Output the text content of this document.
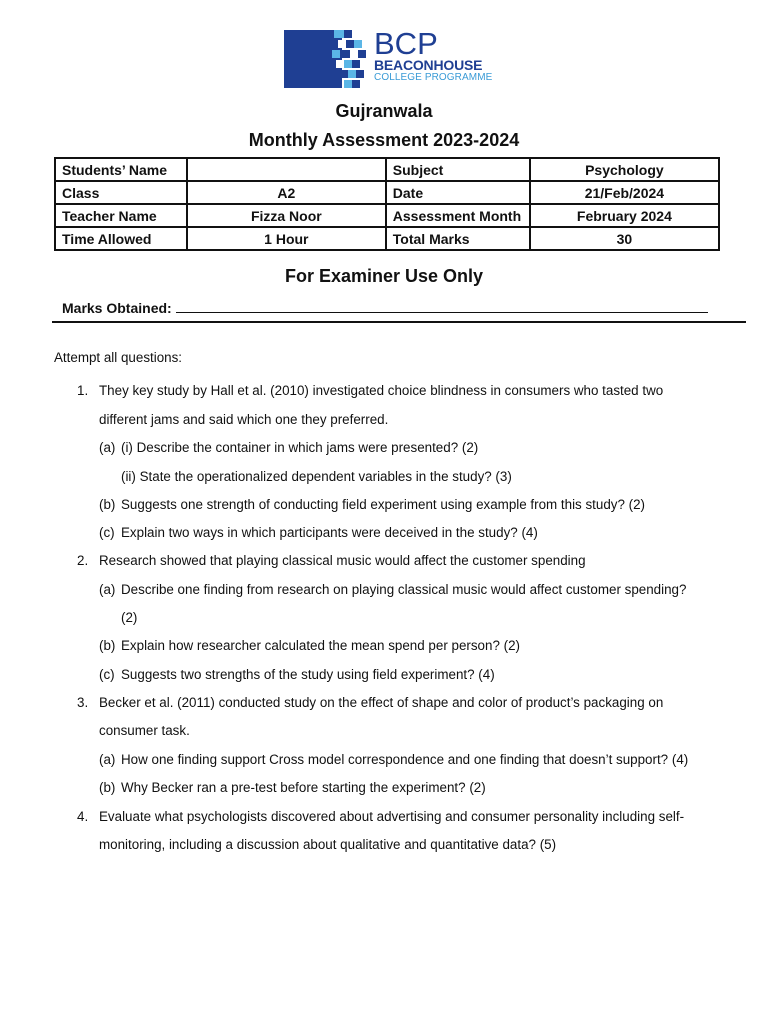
BCP
BEACONHOUSE
COLLEGE PROGRAMME
Gujranwala
Monthly Assessment 2023-2024
Students’ Name		Subject	Psychology
Class	A2	Date	21/Feb/2024
Teacher Name	Fizza Noor	Assessment Month	February 2024
Time Allowed	1 Hour	Total Marks	30
For Examiner Use Only
Marks Obtained:
Attempt all questions:
1. They key study by Hall et al. (2010) investigated choice blindness in consumers who tasted two
different jams and said which one they preferred.
(a) (i) Describe the container in which jams were presented? (2)
(ii) State the operationalized dependent variables in the study? (3)
(b) Suggests one strength of conducting field experiment using example from this study? (2)
(c) Explain two ways in which participants were deceived in the study? (4)
2. Research showed that playing classical music would affect the customer spending
(a) Describe one finding from research on playing classical music would affect customer spending?
(2)
(b) Explain how researcher calculated the mean spend per person? (2)
(c) Suggests two strengths of the study using field experiment? (4)
3. Becker et al. (2011) conducted study on the effect of shape and color of product’s packaging on
consumer task.
(a) How one finding support Cross model correspondence and one finding that doesn’t support? (4)
(b) Why Becker ran a pre-test before starting the experiment? (2)
4. Evaluate what psychologists discovered about advertising and consumer personality including self-
monitoring, including a discussion about qualitative and quantitative data? (5)
